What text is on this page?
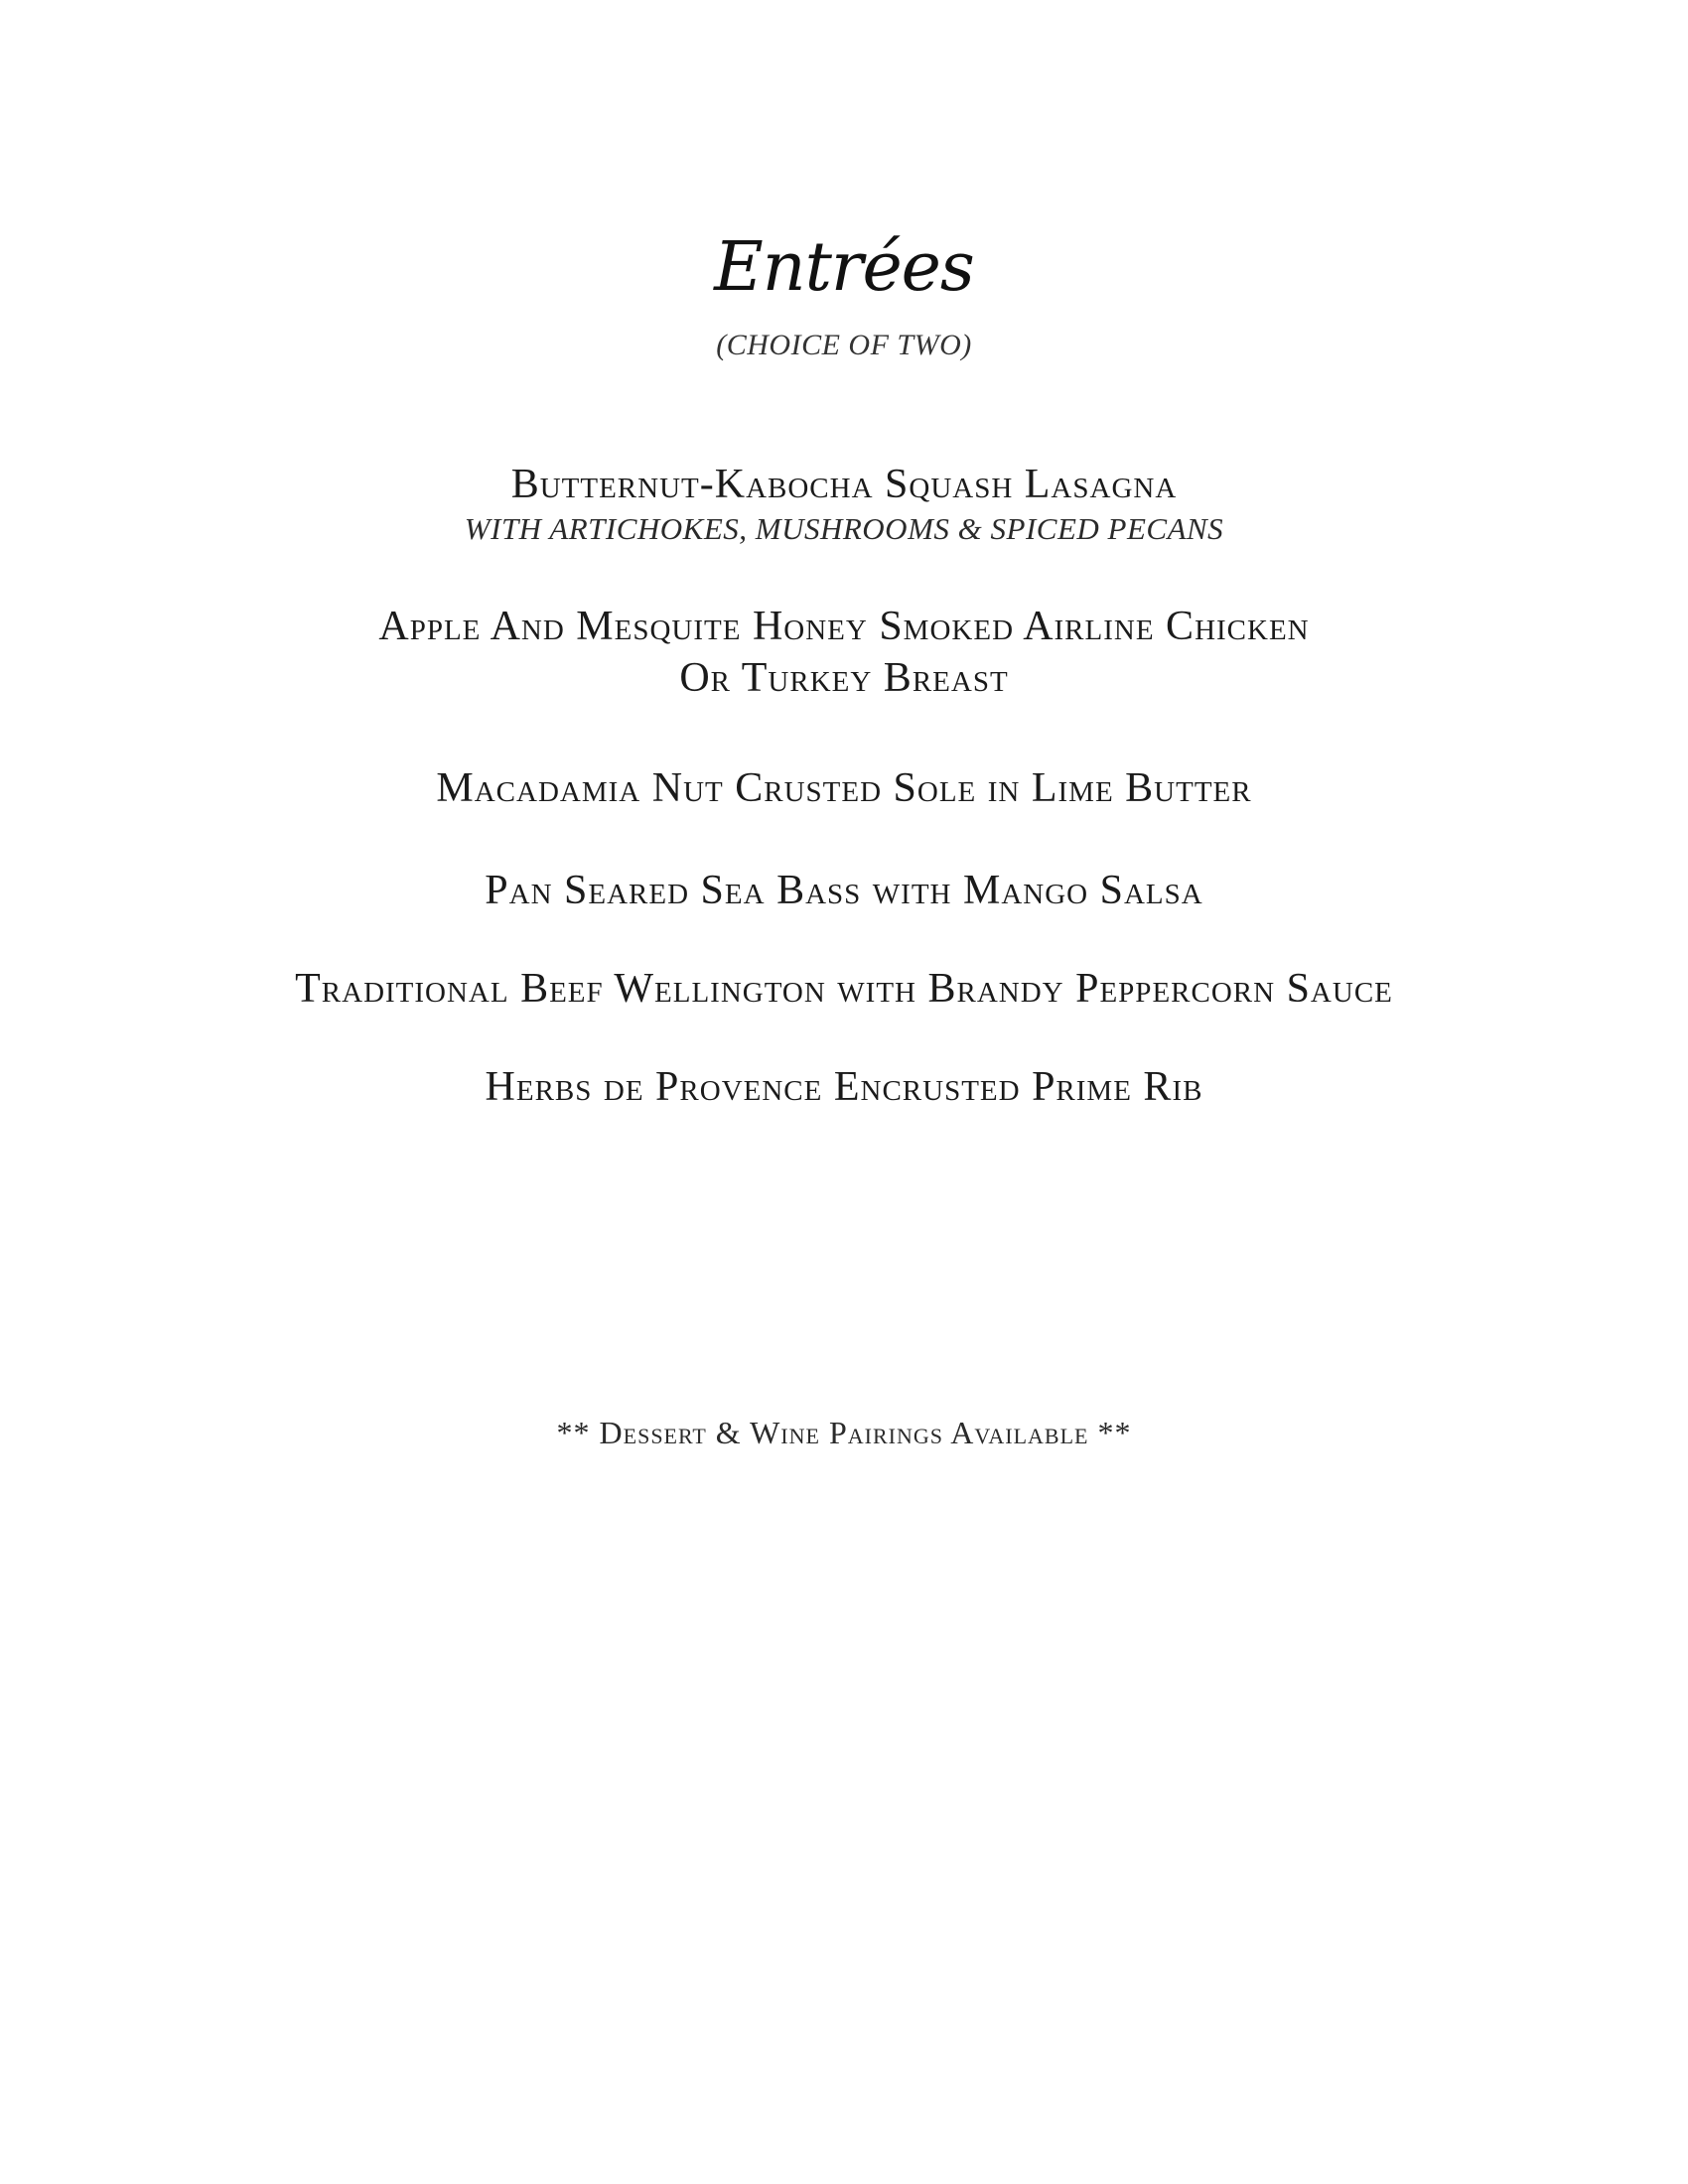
Entrées
(CHOICE OF TWO)
Butternut-Kabocha Squash Lasagna
WITH ARTICHOKES, MUSHROOMS & SPICED PECANS
Apple And Mesquite Honey Smoked Airline Chicken
Or Turkey Breast
Macadamia Nut Crusted Sole in Lime Butter
Pan Seared Sea Bass with Mango Salsa
Traditional Beef Wellington with Brandy Peppercorn Sauce
Herbs de Provence Encrusted Prime Rib
** Dessert & Wine Pairings Available **
